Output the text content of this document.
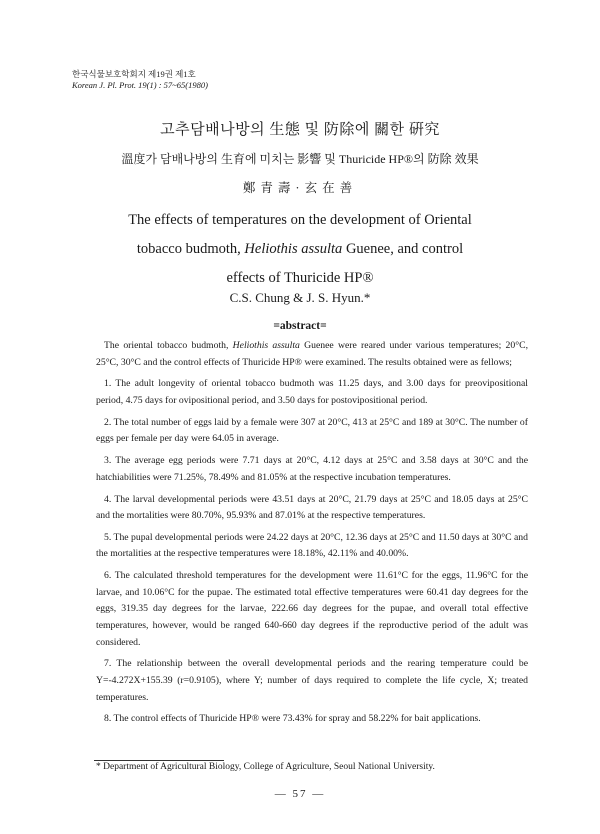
한국식물보호학회지 제19권 제1호
Korean J. Pl. Prot. 19(1) : 57~65(1980)
고추담배나방의 生態 및 防除에 關한 硏究
溫度가 담배나방의 生育에 미치는 影響 및 Thuricide HP®의 防除 效果
鄭青壽·玄在善
The effects of temperatures on the development of Oriental
tobacco budmoth, Heliothis assulta Guenee, and control
effects of Thuricide HP®
C.S. Chung & J. S. Hyun.*
=abstract=

The oriental tobacco budmoth, Heliothis assulta Guenee were reared under various temperatures; 20°C, 25°C, 30°C and the control effects of Thuricide HP® were examined. The results obtained were as fellows;

1. The adult longevity of oriental tobacco budmoth was 11.25 days, and 3.00 days for preovipositional period, 4.75 days for ovipositional period, and 3.50 days for postovipositional period.

2. The total number of eggs laid by a female were 307 at 20°C, 413 at 25°C and 189 at 30°C. The number of eggs per female per day were 64.05 in average.

3. The average egg periods were 7.71 days at 20°C, 4.12 days at 25°C and 3.58 days at 30°C and the hatchiabilities were 71.25%, 78.49% and 81.05% at the respective incubation temperatures.

4. The larval developmental periods were 43.51 days at 20°C, 21.79 days at 25°C and 18.05 days at 25°C and the mortalities were 80.70%, 95.93% and 87.01% at the respective temperatures.

5. The pupal developmental periods were 24.22 days at 20°C, 12.36 days at 25°C and 11.50 days at 30°C and the mortalities at the respective temperatures were 18.18%, 42.11% and 40.00%.

6. The calculated threshold temperatures for the development were 11.61°C for the eggs, 11.96°C for the larvae, and 10.06°C for the pupae. The estimated total effective temperatures were 60.41 day degrees for the eggs, 319.35 day degrees for the larvae, 222.66 day degrees for the pupae, and overall total effective temperatures, however, would be ranged 640-660 day degrees if the reproductive period of the adult was considered.

7. The relationship between the overall developmental periods and the rearing temperature could be Y=-4.272X+155.39 (r=0.9105), where Y; number of days required to complete the life cycle, X; treated temperatures.

8. The control effects of Thuricide HP® were 73.43% for spray and 58.22% for bait applications.

* Department of Agricultural Biology, College of Agriculture, Seoul National University.
— 57 —
